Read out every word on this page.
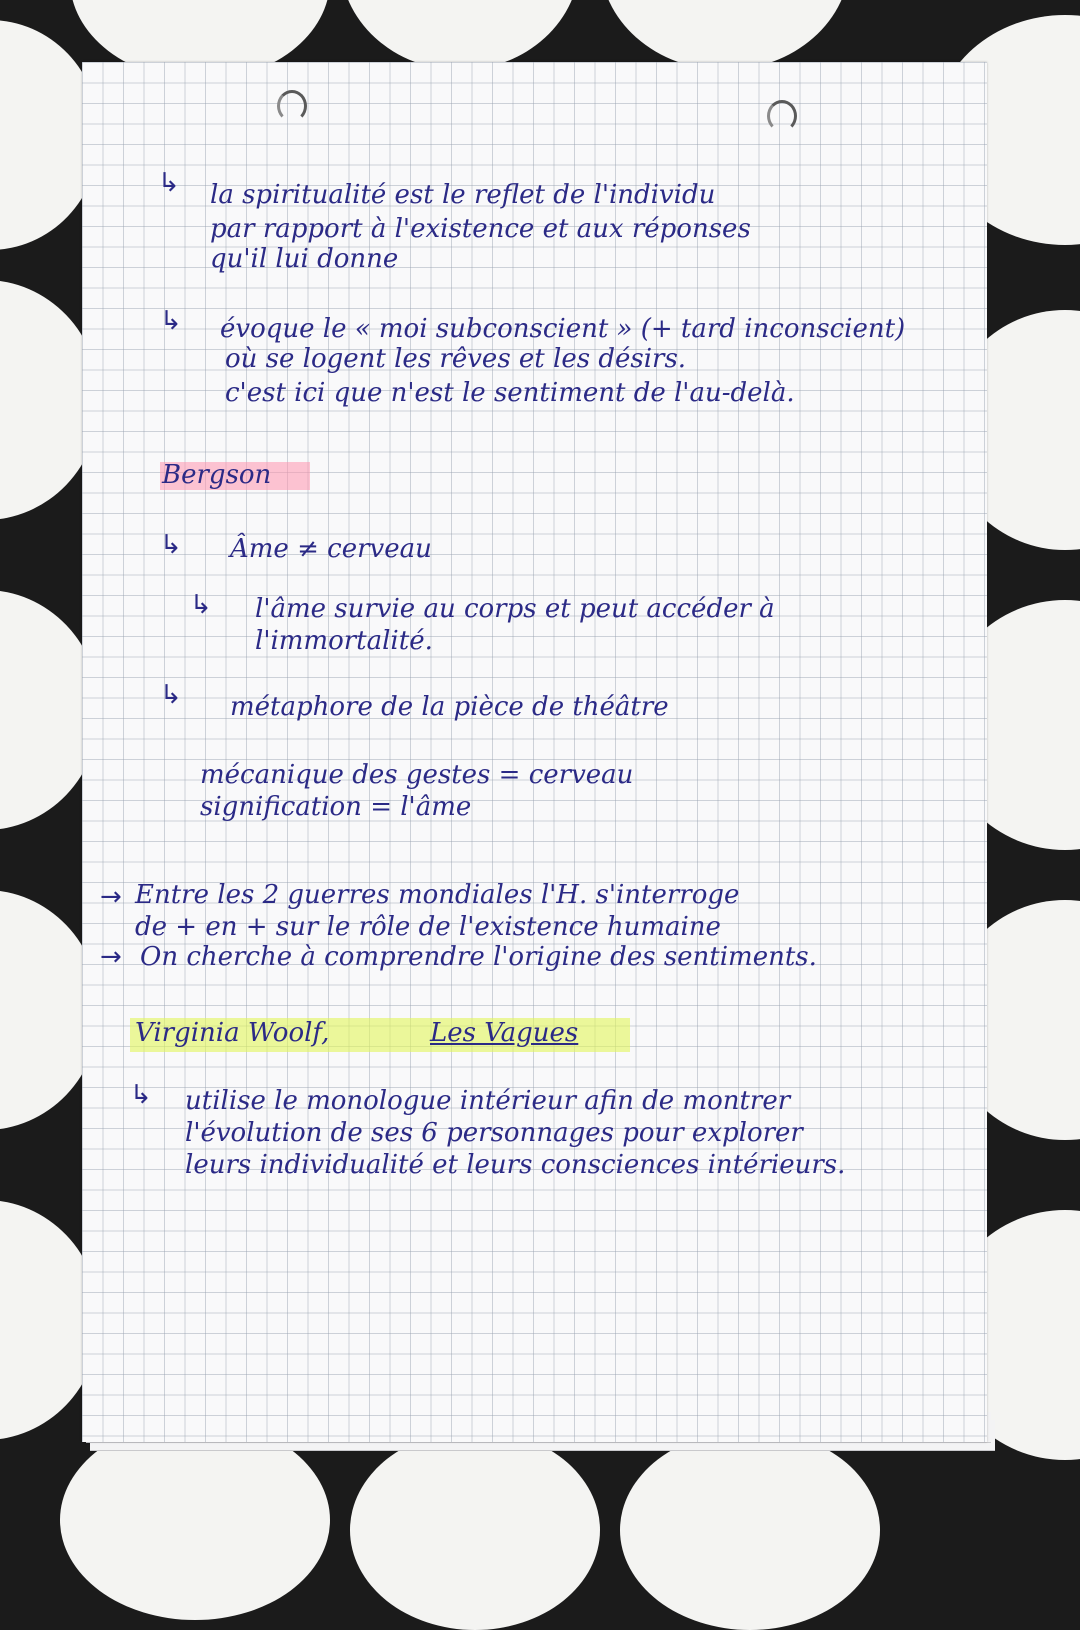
↳ la spiritualité est le reflet de l'individu
par rapport à l'existence et aux réponses
qu'il lui donne
↳ évoque le « moi subconscient » (+ tard inconscient)
où se logent les rêves et les désirs.
c'est ici que n'est le sentiment de l'au-delà.
Bergson
↳ Âme ≠ cerveau
↳ l'âme survie au corps et peut accéder à
l'immortalité.
↳ métaphore de la pièce de théâtre
mécanique des gestes = cerveau
signification = l'âme
→ Entre les 2 guerres mondiales l'H. s'interroge
de + en + sur le rôle de l'existence humaine
→ On cherche à comprendre l'origine des sentiments.
Virginia Woolf,	Les Vagues
↳ utilise le monologue intérieur afin de montrer
l'évolution de ses 6 personnages pour explorer
leurs individualité et leurs consciences intérieurs.
